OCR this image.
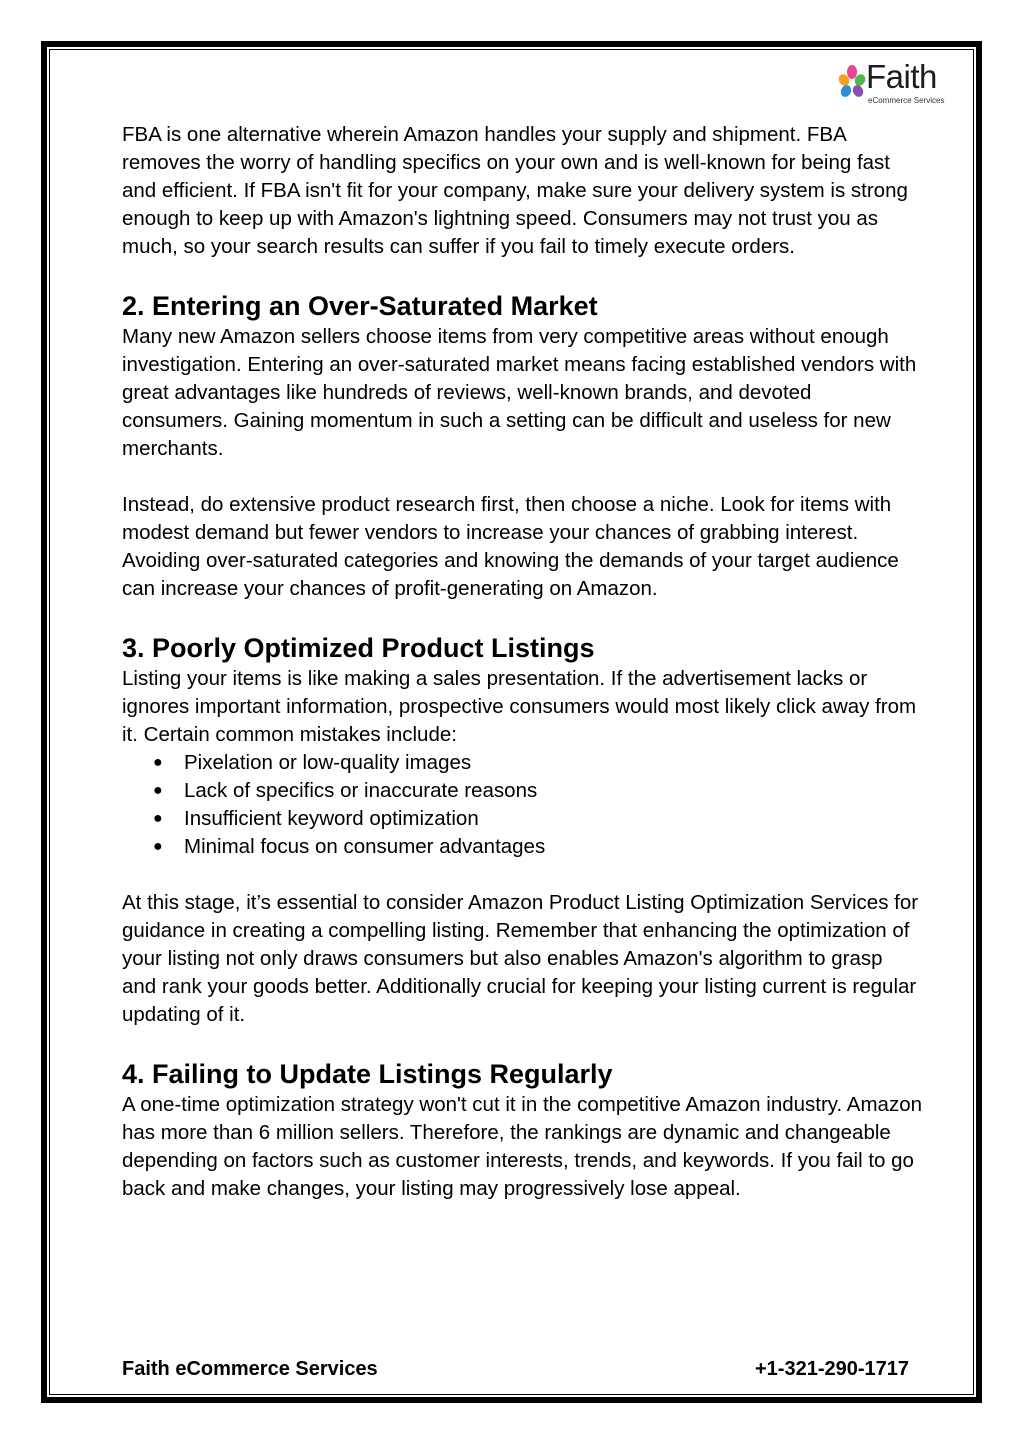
Faith
eCommerce Services

FBA is one alternative wherein Amazon handles your supply and shipment. FBA removes the worry of handling specifics on your own and is well-known for being fast and efficient. If FBA isn't fit for your company, make sure your delivery system is strong enough to keep up with Amazon's lightning speed. Consumers may not trust you as much, so your search results can suffer if you fail to timely execute orders.

2. Entering an Over-Saturated Market

Many new Amazon sellers choose items from very competitive areas without enough investigation. Entering an over-saturated market means facing established vendors with great advantages like hundreds of reviews, well-known brands, and devoted consumers. Gaining momentum in such a setting can be difficult and useless for new merchants.

Instead, do extensive product research first, then choose a niche. Look for items with modest demand but fewer vendors to increase your chances of grabbing interest. Avoiding over-saturated categories and knowing the demands of your target audience can increase your chances of profit-generating on Amazon.

3. Poorly Optimized Product Listings
Listing your items is like making a sales presentation. If the advertisement lacks or ignores important information, prospective consumers would most likely click away from it. Certain common mistakes include:
● Pixelation or low-quality images
● Lack of specifics or inaccurate reasons
● Insufficient keyword optimization
● Minimal focus on consumer advantages

At this stage, it’s essential to consider Amazon Product Listing Optimization Services for guidance in creating a compelling listing. Remember that enhancing the optimization of your listing not only draws consumers but also enables Amazon's algorithm to grasp and rank your goods better. Additionally crucial for keeping your listing current is regular updating of it.

4. Failing to Update Listings Regularly

A one-time optimization strategy won't cut it in the competitive Amazon industry. Amazon has more than 6 million sellers. Therefore, the rankings are dynamic and changeable depending on factors such as customer interests, trends, and keywords. If you fail to go back and make changes, your listing may progressively lose appeal.

Faith eCommerce Services	+1-321-290-1717
